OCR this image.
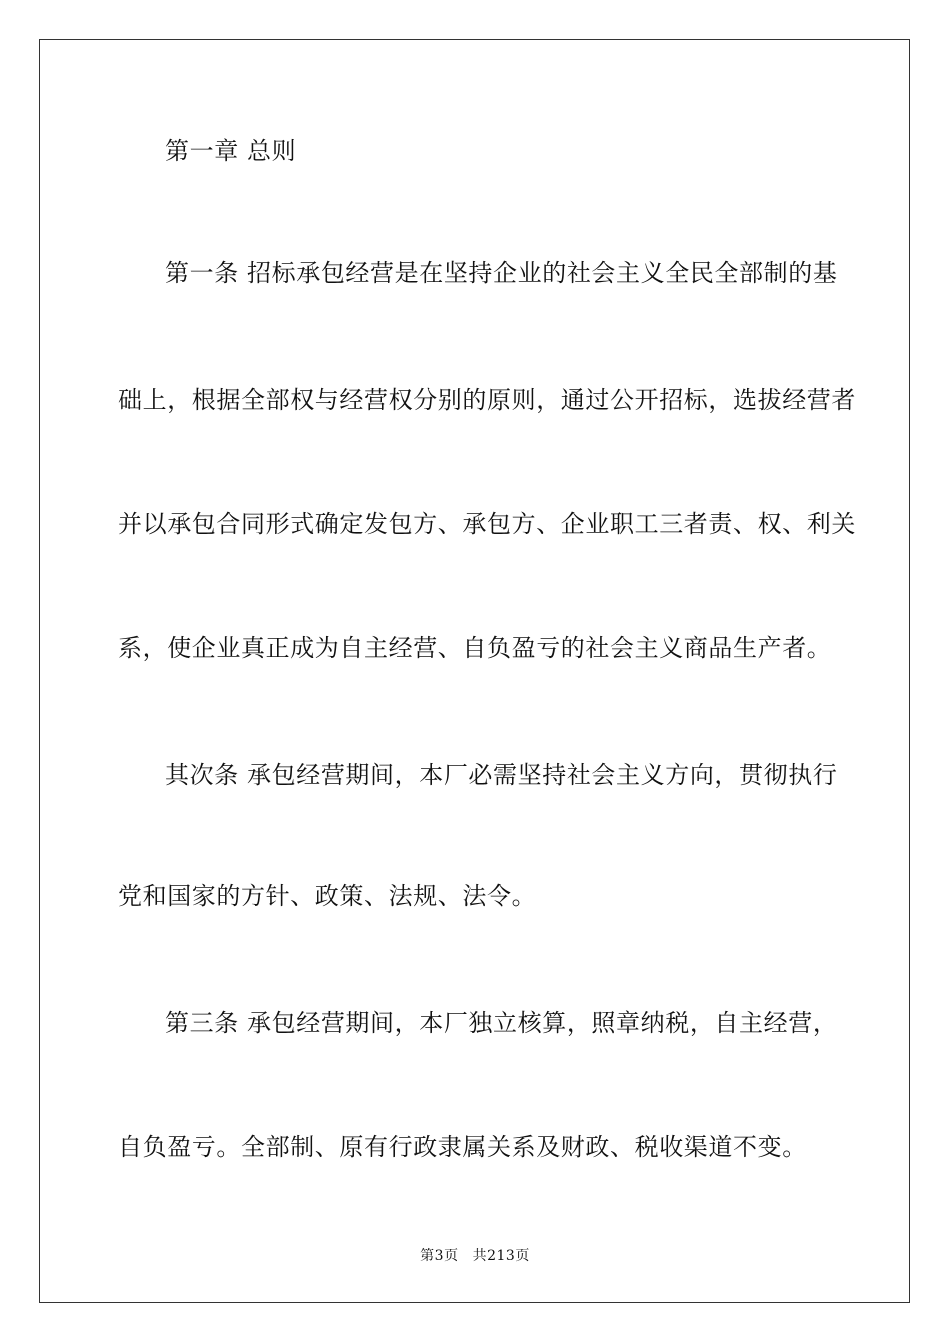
第一章 总则
第一条 招标承包经营是在坚持企业的社会主义全民全部制的基
础上，根据全部权与经营权分别的原则，通过公开招标，选拔经营者
并以承包合同形式确定发包方、承包方、企业职工三者责、权、利关
系，使企业真正成为自主经营、自负盈亏的社会主义商品生产者。
其次条 承包经营期间，本厂必需坚持社会主义方向，贯彻执行
党和国家的方针、政策、法规、法令。
第三条 承包经营期间，本厂独立核算，照章纳税，自主经营，
自负盈亏。全部制、原有行政隶属关系及财政、税收渠道不变。
第3页 共213页
